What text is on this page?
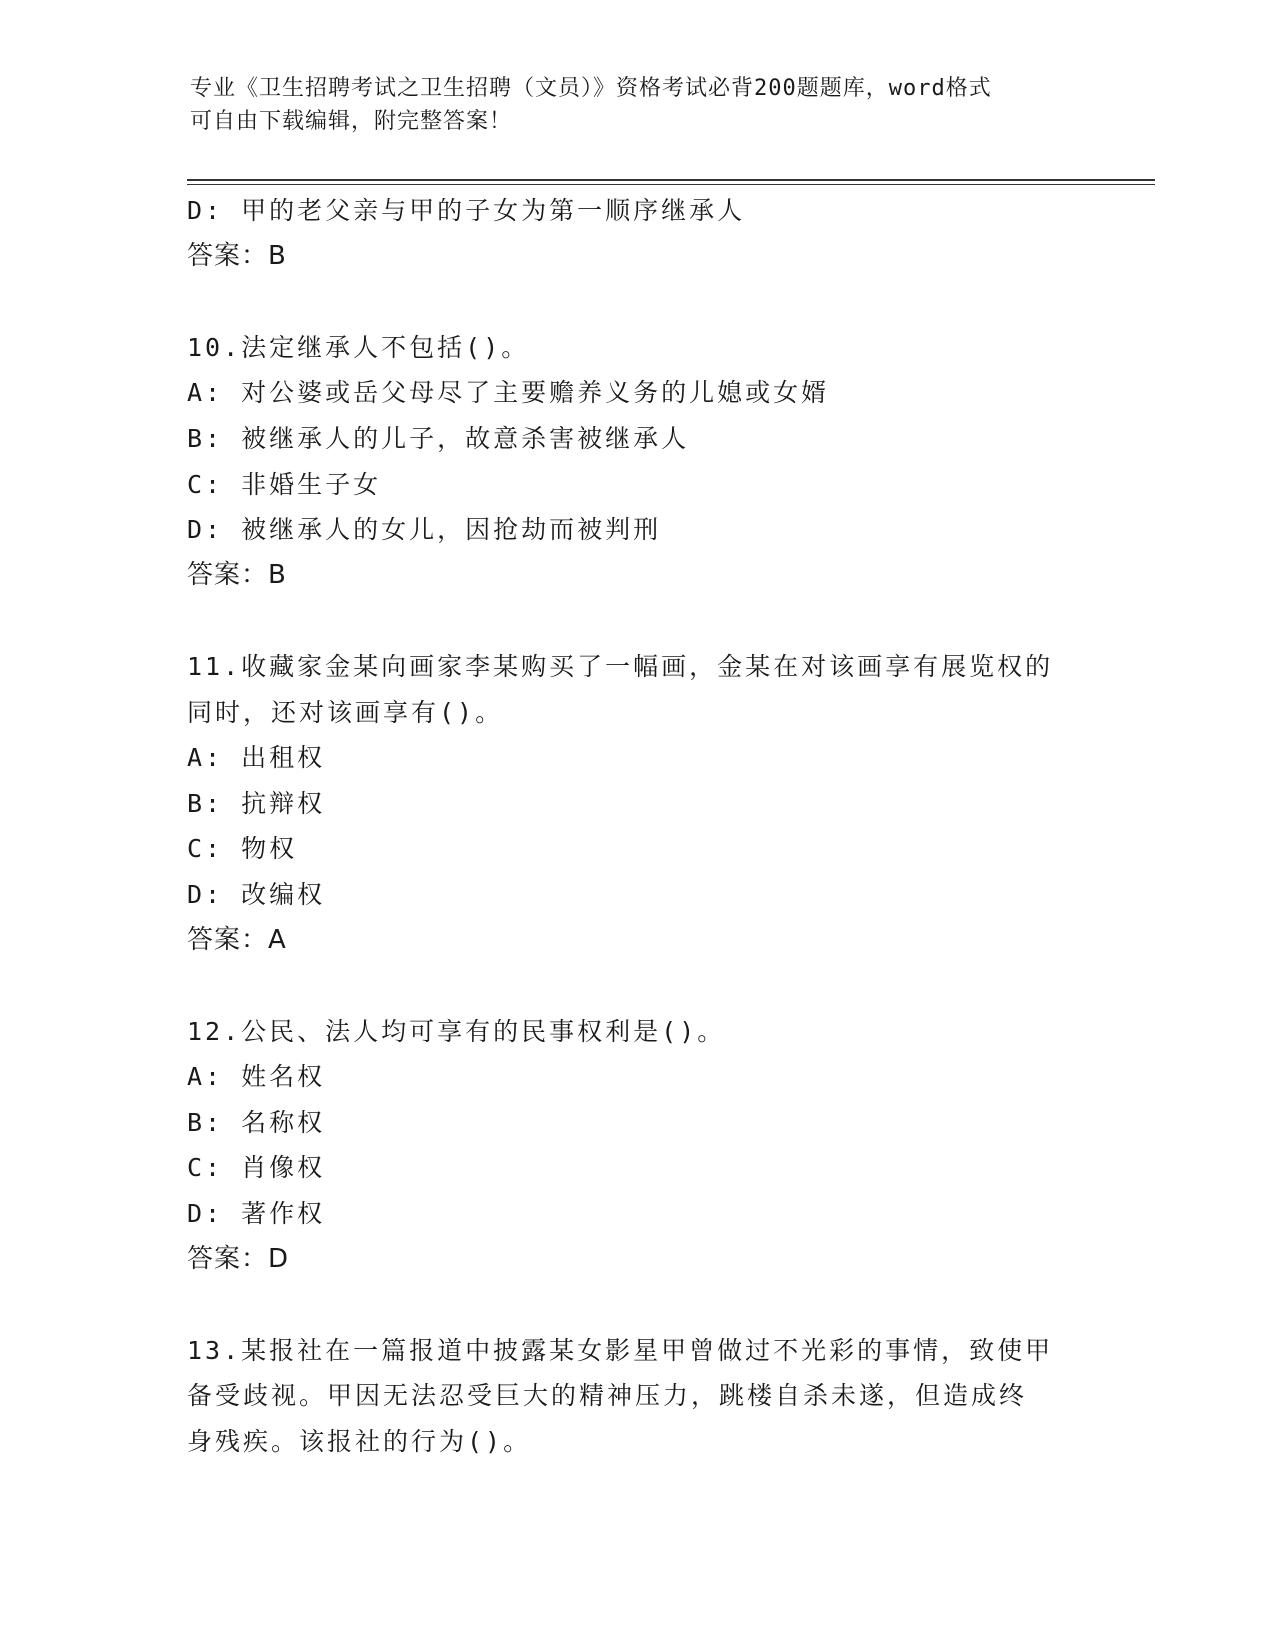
专业《卫生招聘考试之卫生招聘（文员）》资格考试必背200题题库，word格式
可自由下载编辑，附完整答案！
D: 甲的老父亲与甲的子女为第一顺序继承人
答案：B
10.法定继承人不包括()。
A: 对公婆或岳父母尽了主要赡养义务的儿媳或女婿
B: 被继承人的儿子，故意杀害被继承人
C: 非婚生子女
D: 被继承人的女儿，因抢劫而被判刑
答案：B
11.收藏家金某向画家李某购买了一幅画，金某在对该画享有展览权的
同时，还对该画享有()。
A: 出租权
B: 抗辩权
C: 物权
D: 改编权
答案：A
12.公民、法人均可享有的民事权利是()。
A: 姓名权
B: 名称权
C: 肖像权
D: 著作权
答案：D
13.某报社在一篇报道中披露某女影星甲曾做过不光彩的事情，致使甲
备受歧视。甲因无法忍受巨大的精神压力，跳楼自杀未遂，但造成终
身残疾。该报社的行为()。
